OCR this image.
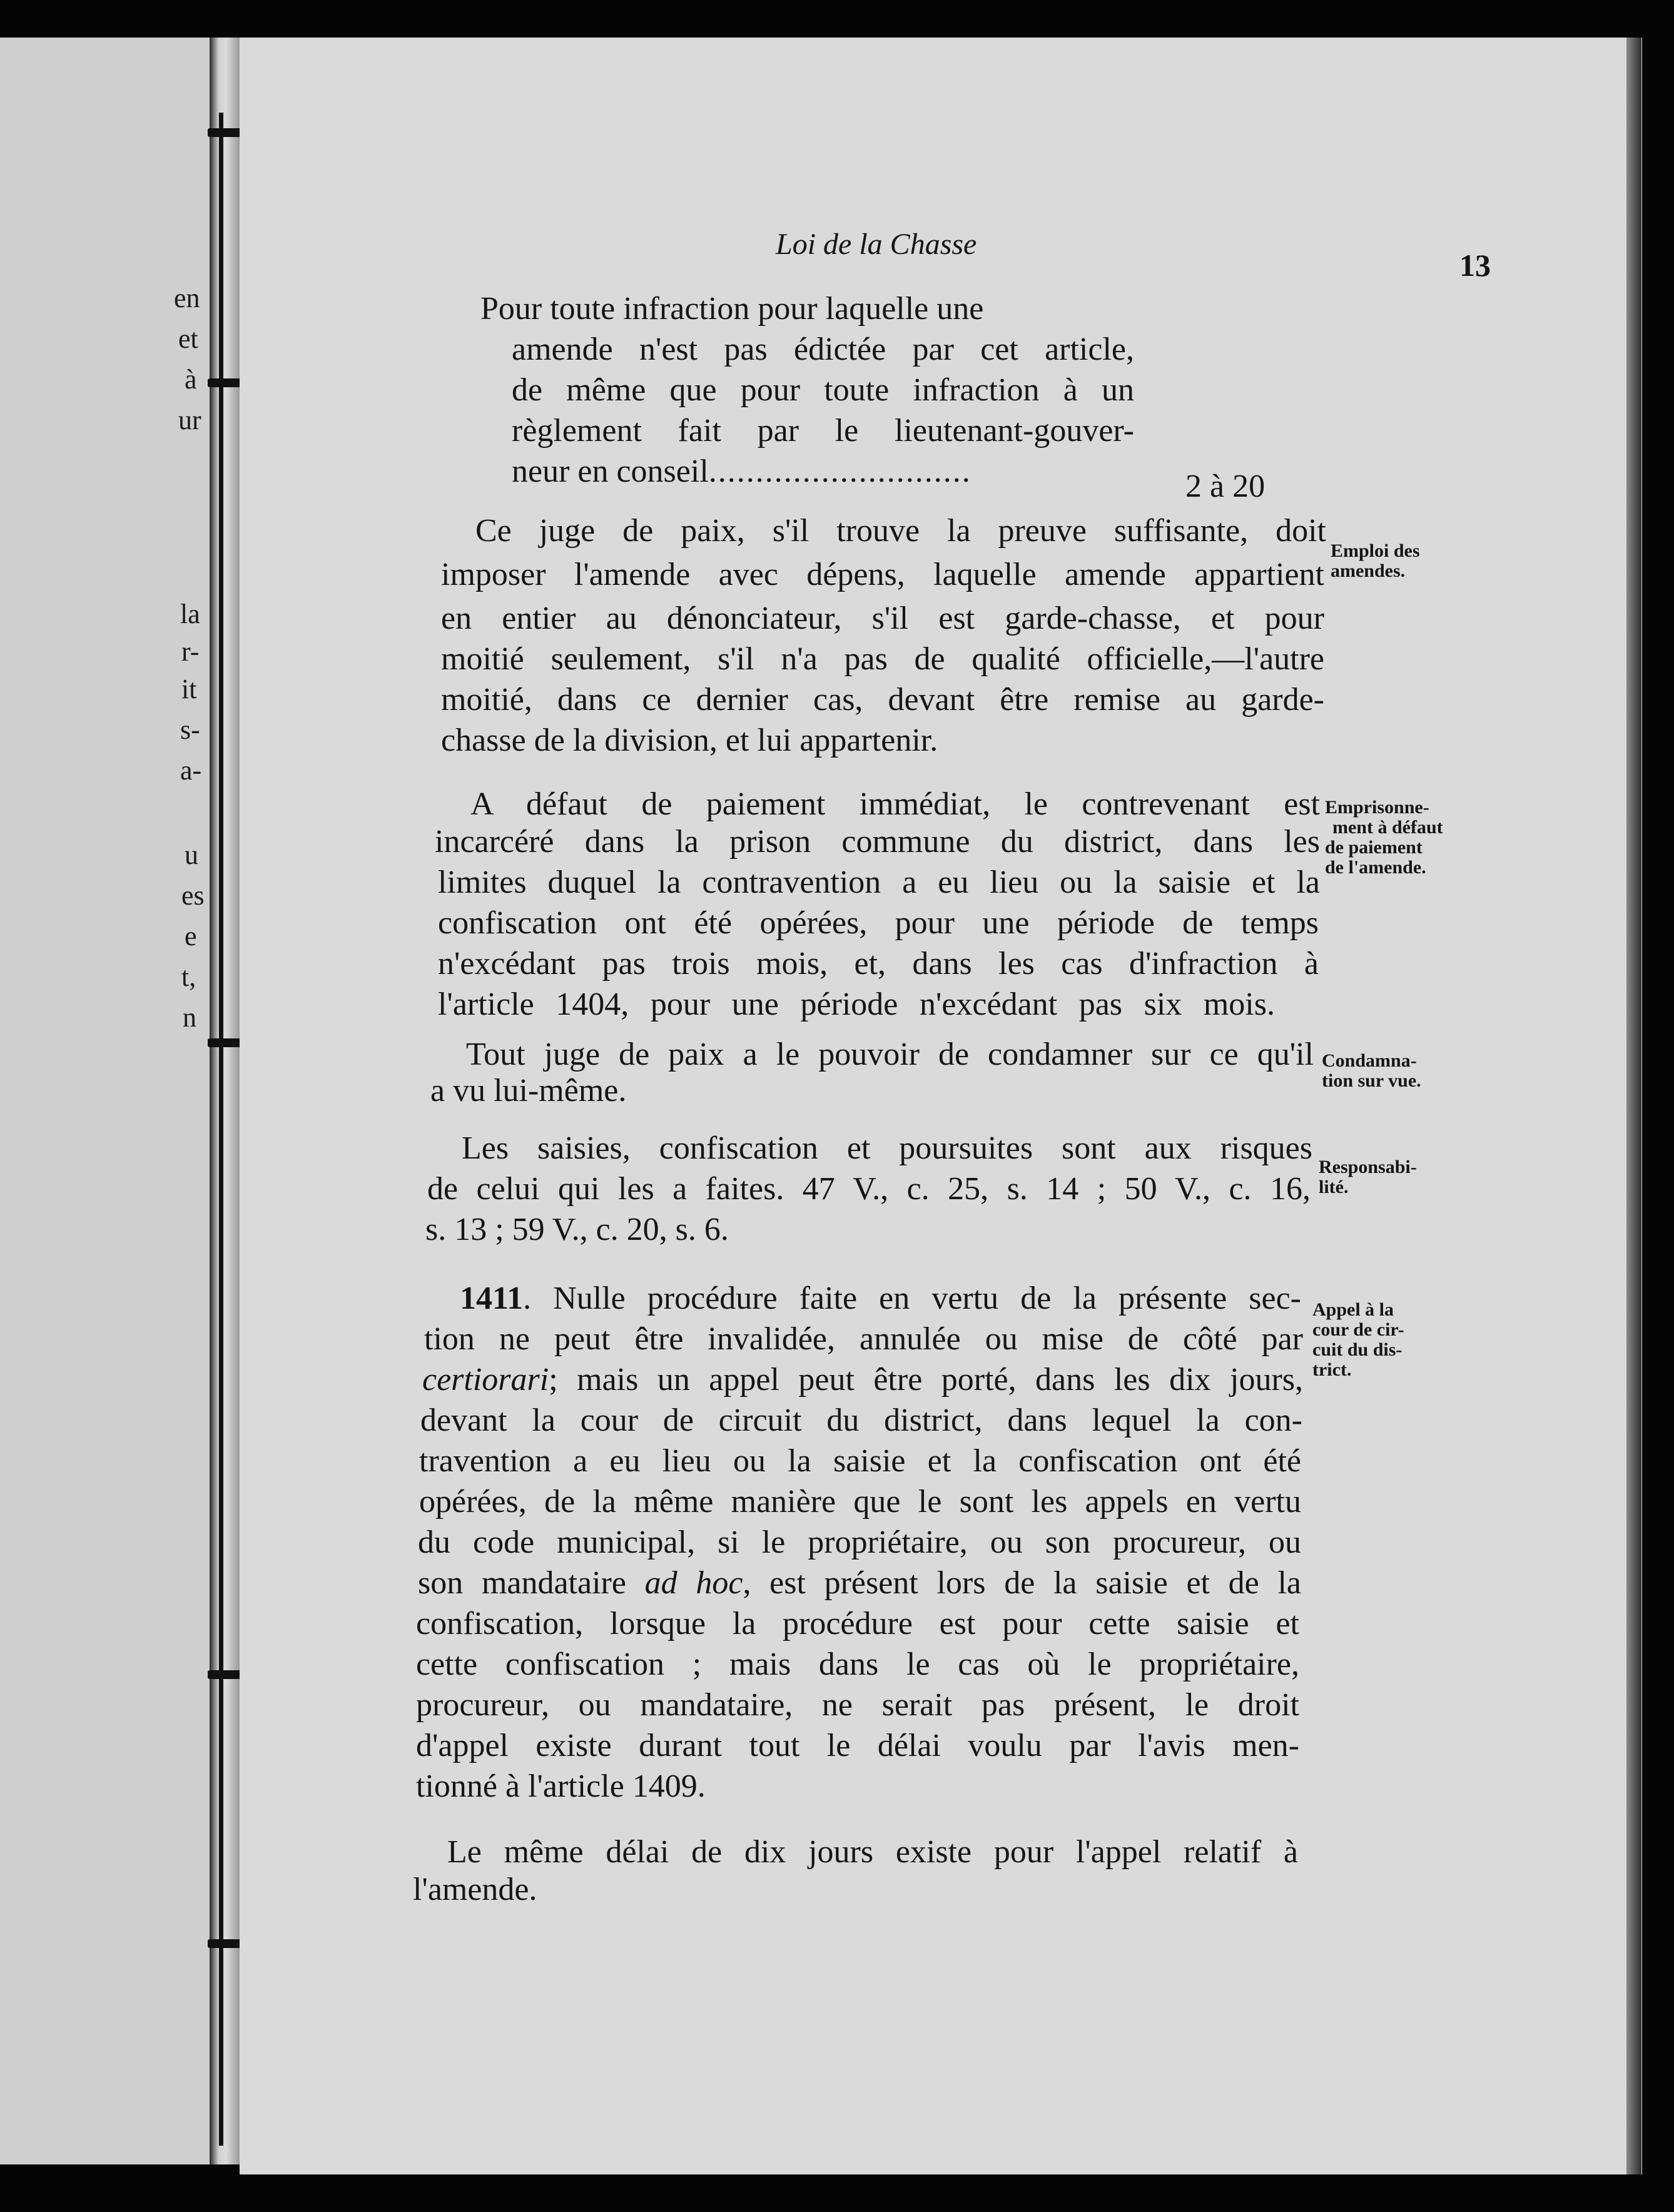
en
et
à
ur
la
r-
it
s-
a-
u
es
e
t,
n
Loi de la Chasse
13
Pour toute infraction pour laquelle une
amende n'est pas édictée par cet article,
de même que pour toute infraction à un
règlement fait par le lieutenant-gouver-
neur en conseil............................	2 à 20
Ce juge de paix, s'il trouve la preuve suffisante, doit
imposer l'amende avec dépens, laquelle amende appartient
en entier au dénonciateur, s'il est garde-chasse, et pour
moitié seulement, s'il n'a pas de qualité officielle,—l'autre
moitié, dans ce dernier cas, devant être remise au garde-
chasse de la division, et lui appartenir.
A défaut de paiement immédiat, le contrevenant est
incarcéré dans la prison commune du district, dans les
limites duquel la contravention a eu lieu ou la saisie et la
confiscation ont été opérées, pour une période de temps
n'excédant pas trois mois, et, dans les cas d'infraction à
l'article 1404, pour une période n'excédant pas six mois.
Tout juge de paix a le pouvoir de condamner sur ce qu'il
a vu lui-même.
Les saisies, confiscation et poursuites sont aux risques
de celui qui les a faites. 47 V., c. 25, s. 14 ; 50 V., c. 16,
s. 13 ; 59 V., c. 20, s. 6.
1411. Nulle procédure faite en vertu de la présente sec-
tion ne peut être invalidée, annulée ou mise de côté par
certiorari; mais un appel peut être porté, dans les dix jours,
devant la cour de circuit du district, dans lequel la con-
travention a eu lieu ou la saisie et la confiscation ont été
opérées, de la même manière que le sont les appels en vertu
du code municipal, si le propriétaire, ou son procureur, ou
son mandataire ad hoc, est présent lors de la saisie et de la
confiscation, lorsque la procédure est pour cette saisie et
cette confiscation ; mais dans le cas où le propriétaire,
procureur, ou mandataire, ne serait pas présent, le droit
d'appel existe durant tout le délai voulu par l'avis men-
tionné à l'article 1409.
Le même délai de dix jours existe pour l'appel relatif à
l'amende.
Emploi des
amendes.
Emprisonne-
ment à défaut
de paiement
de l'amende.
Condamna-
tion sur vue.
Responsabi-
lité.
Appel à la
cour de cir-
cuit du dis-
trict.
